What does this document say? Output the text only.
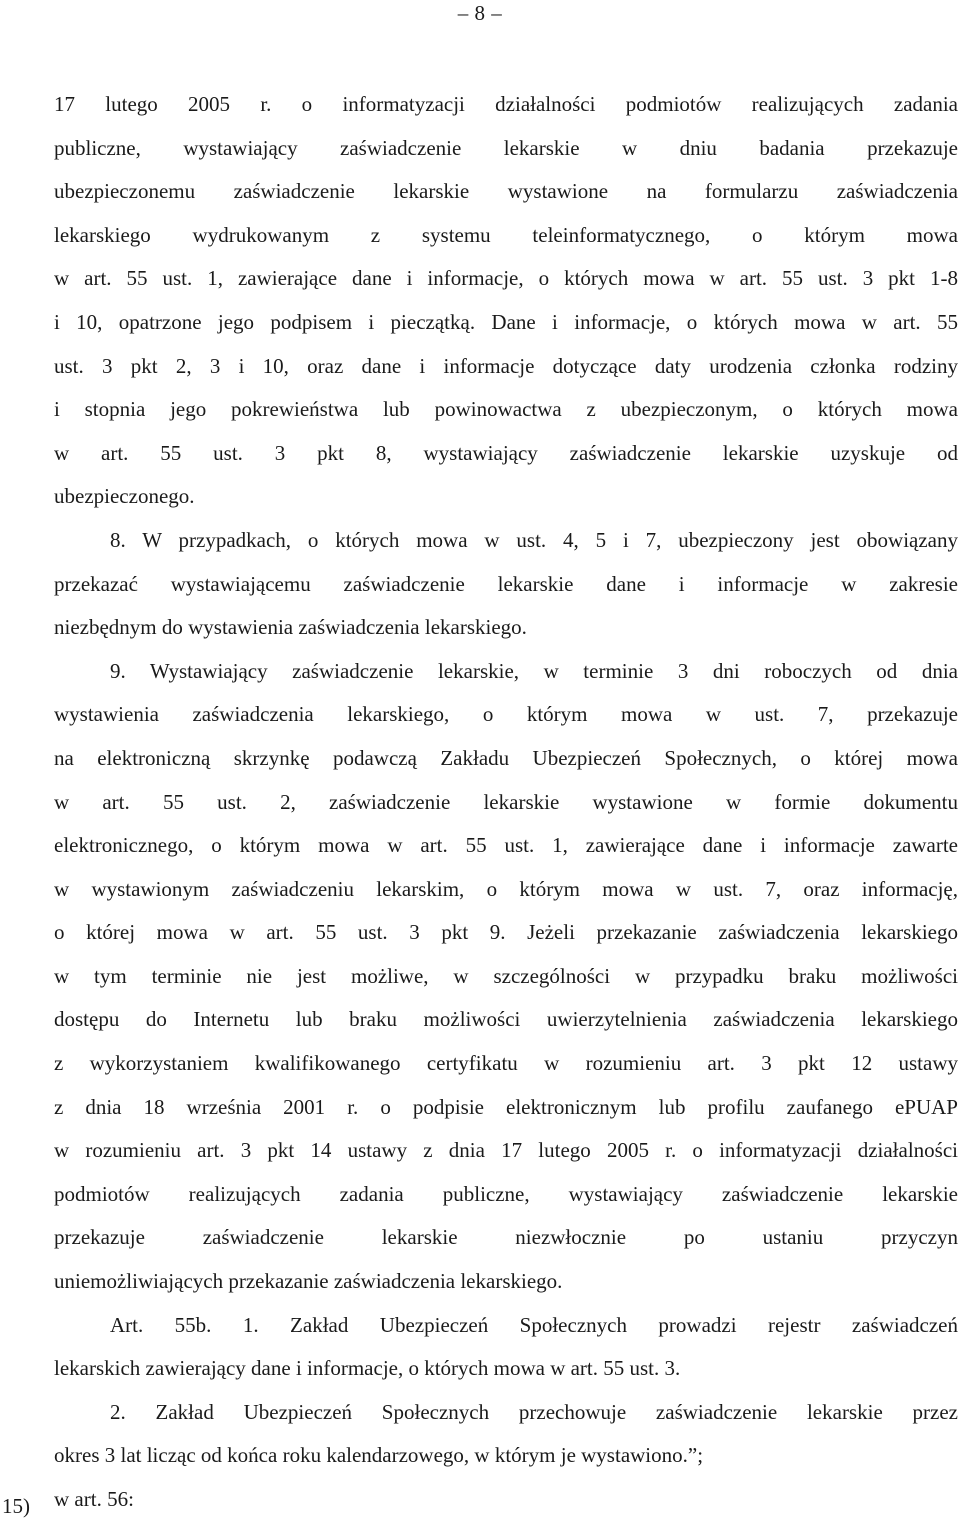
– 8 –
17 lutego 2005 r. o informatyzacji działalności podmiotów realizujących zadania
publiczne, wystawiający zaświadczenie lekarskie w dniu badania przekazuje
ubezpieczonemu zaświadczenie lekarskie wystawione na formularzu zaświadczenia
lekarskiego wydrukowanym z systemu teleinformatycznego, o którym mowa
w art. 55 ust. 1, zawierające dane i informacje, o których mowa w art. 55 ust. 3 pkt 1-8
i 10, opatrzone jego podpisem i pieczątką. Dane i informacje, o których mowa w art. 55
ust. 3 pkt 2, 3 i 10, oraz dane i informacje dotyczące daty urodzenia członka rodziny
i stopnia jego pokrewieństwa lub powinowactwa z ubezpieczonym, o których mowa
w art. 55 ust. 3 pkt 8, wystawiający zaświadczenie lekarskie uzyskuje od
ubezpieczonego.
8. W przypadkach, o których mowa w ust. 4, 5 i 7, ubezpieczony jest obowiązany
przekazać wystawiającemu zaświadczenie lekarskie dane i informacje w zakresie
niezbędnym do wystawienia zaświadczenia lekarskiego.
9. Wystawiający zaświadczenie lekarskie, w terminie 3 dni roboczych od dnia
wystawienia zaświadczenia lekarskiego, o którym mowa w ust. 7, przekazuje
na elektroniczną skrzynkę podawczą Zakładu Ubezpieczeń Społecznych, o której mowa
w art. 55 ust. 2, zaświadczenie lekarskie wystawione w formie dokumentu
elektronicznego, o którym mowa w art. 55 ust. 1, zawierające dane i informacje zawarte
w wystawionym zaświadczeniu lekarskim, o którym mowa w ust. 7, oraz informację,
o której mowa w art. 55 ust. 3 pkt 9. Jeżeli przekazanie zaświadczenia lekarskiego
w tym terminie nie jest możliwe, w szczególności w przypadku braku możliwości
dostępu do Internetu lub braku możliwości uwierzytelnienia zaświadczenia lekarskiego
z wykorzystaniem kwalifikowanego certyfikatu w rozumieniu art. 3 pkt 12 ustawy
z dnia 18 września 2001 r. o podpisie elektronicznym lub profilu zaufanego ePUAP
w rozumieniu art. 3 pkt 14 ustawy z dnia 17 lutego 2005 r. o informatyzacji działalności
podmiotów realizujących zadania publiczne, wystawiający zaświadczenie lekarskie
przekazuje zaświadczenie lekarskie niezwłocznie po ustaniu przyczyn
uniemożliwiających przekazanie zaświadczenia lekarskiego.
Art. 55b. 1. Zakład Ubezpieczeń Społecznych prowadzi rejestr zaświadczeń
lekarskich zawierający dane i informacje, o których mowa w art. 55 ust. 3.
2. Zakład Ubezpieczeń Społecznych przechowuje zaświadczenie lekarskie przez
okres 3 lat licząc od końca roku kalendarzowego, w którym je wystawiono.”;
w art. 56:
15)
